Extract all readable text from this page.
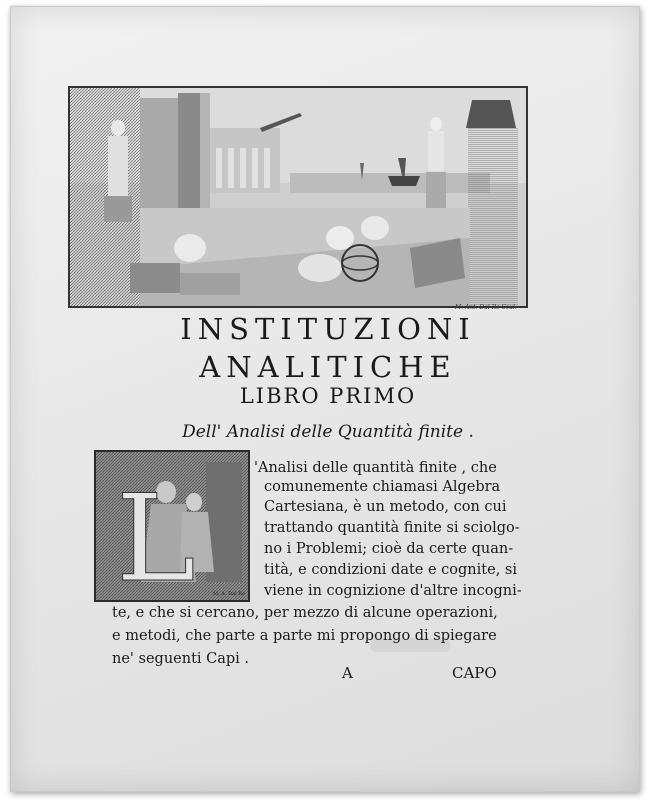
M. Ant. Dal Re Scul.
INSTITUZIONI
ANALITICHE
LIBRO PRIMO
Dell' Analisi delle Quantità finite .
L	M. A. Dal Re
'Analisi delle quantità finite , che
comunemente chiamasi Algebra
Cartesiana, è un metodo, con cui
trattando quantità finite si sciolgo-
no i Problemi; cioè da certe quan-
tità, e condizioni date e cognite, si
viene in cognizione d'altre incogni-
te, e che si cercano, per mezzo di alcune operazioni,
e metodi, che parte a parte mi propongo di spiegare
ne' seguenti Capi .
A	CAPO
